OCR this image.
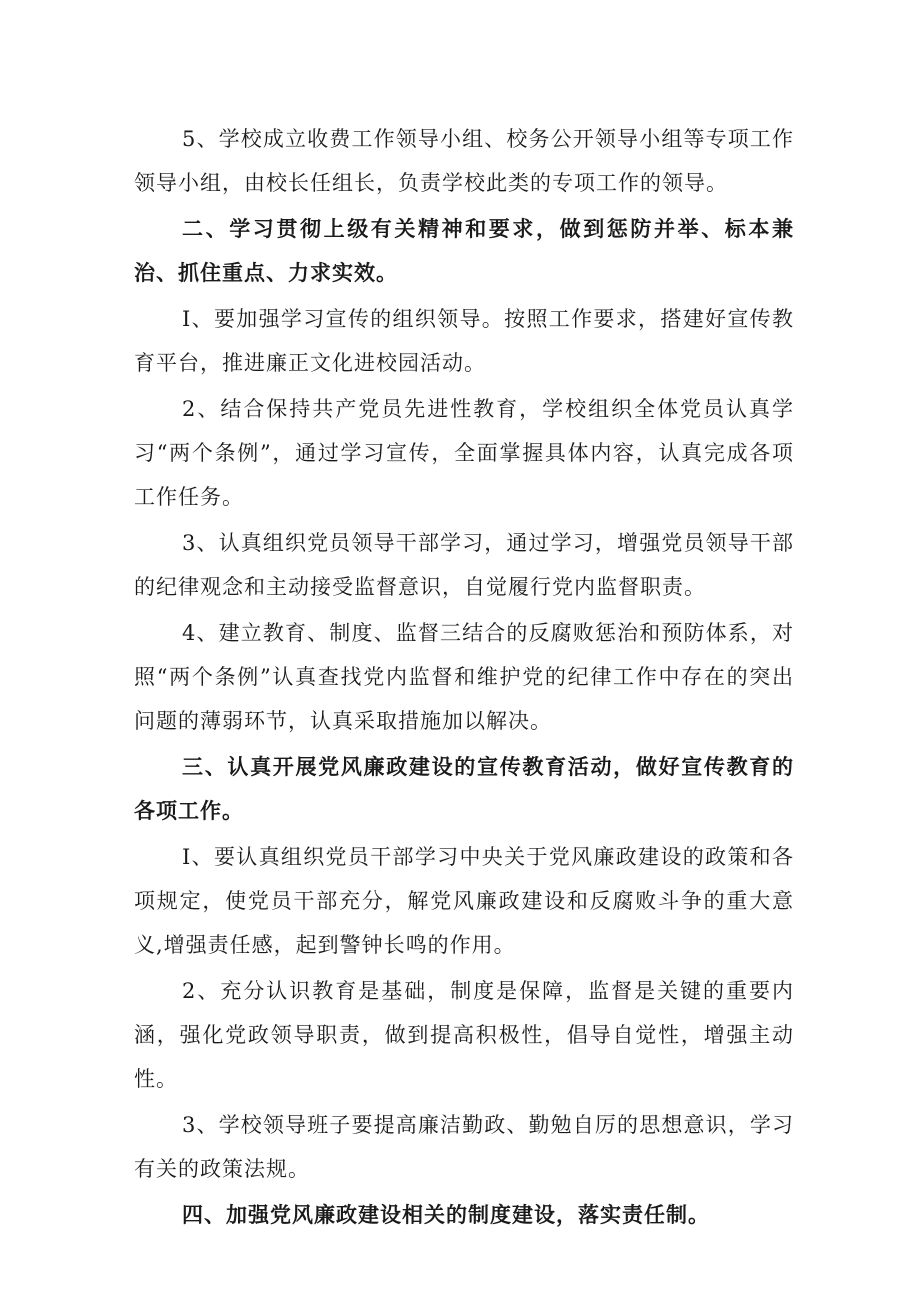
5、学校成立收费工作领导小组、校务公开领导小组等专项工作领导小组，由校长任组长，负责学校此类的专项工作的领导。

二、学习贯彻上级有关精神和要求，做到惩防并举、标本兼治、抓住重点、力求实效。

I、要加强学习宣传的组织领导。按照工作要求，搭建好宣传教育平台，推进廉正文化进校园活动。

2、结合保持共产党员先进性教育，学校组织全体党员认真学习“两个条例”，通过学习宣传，全面掌握具体内容，认真完成各项工作任务。

3、认真组织党员领导干部学习，通过学习，增强党员领导干部的纪律观念和主动接受监督意识，自觉履行党内监督职责。

4、建立教育、制度、监督三结合的反腐败惩治和预防体系，对照“两个条例”认真查找党内监督和维护党的纪律工作中存在的突出问题的薄弱环节，认真采取措施加以解决。

三、认真开展党风廉政建设的宣传教育活动，做好宣传教育的各项工作。

I、要认真组织党员干部学习中央关于党风廉政建设的政策和各项规定，使党员干部充分，解党风廉政建设和反腐败斗争的重大意义,增强责任感，起到警钟长鸣的作用。

2、充分认识教育是基础，制度是保障，监督是关键的重要内涵，强化党政领导职责，做到提高积极性，倡导自觉性，增强主动性。

3、学校领导班子要提高廉洁勤政、勤勉自厉的思想意识，学习有关的政策法规。

四、加强党风廉政建设相关的制度建设，落实责任制。
